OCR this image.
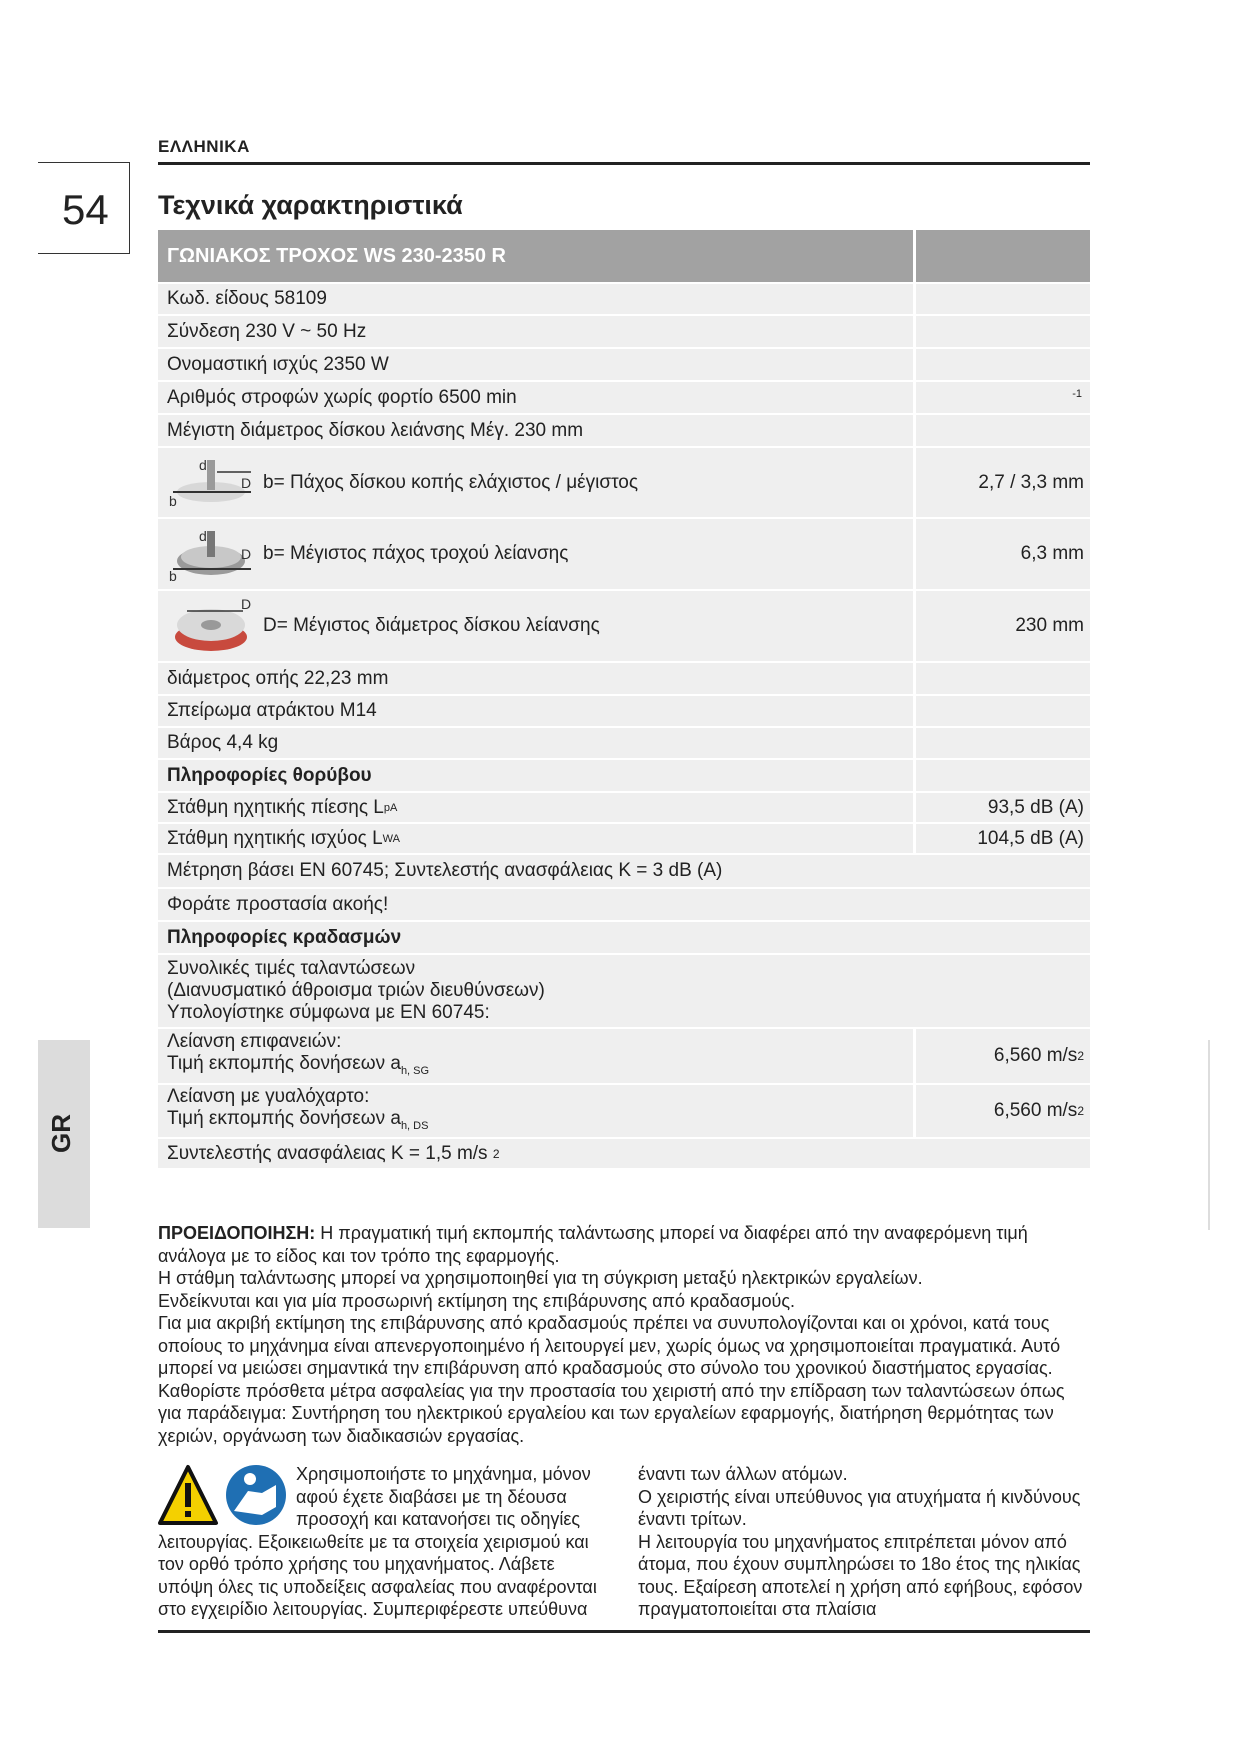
ΕΛΛΗΝΙΚΑ
54 Τεχνικά χαρακτηριστικά
ΓΩΝΙΑΚΟΣ ΤΡΟΧΟΣ WS 230-2350 R
Κωδ. είδους 58109
Σύνδεση 230 V ~ 50 Hz
Ονομαστική ισχύς 2350 W
Αριθμός στροφών χωρίς φορτίο 6500 min	-1
Μέγιστη διάμετρος δίσκου λειάνσης Μέγ. 230 mm
d
D
b
b= Πάχος δίσκου κοπής ελάχιστος / μέγιστος	2,7 / 3,3 mm
d
D
b
b= Μέγιστος πάχος τροχού λείανσης	6,3 mm
D
D= Μέγιστος διάμετρος δίσκου λείανσης	230 mm
διάμετρος οπής 22,23 mm
Σπείρωμα ατράκτου M14
Βάρος 4,4 kg
Πληροφορίες θορύβου
Στάθμη ηχητικής πίεσης L pA	93,5 dB (A)
Στάθμη ηχητικής ισχύος L WA	104,5 dB (A)
Μέτρηση βάσει EN 60745; Συντελεστής ανασφάλειας K = 3 dB (A)
Φοράτε προστασία ακοής!
Πληροφορίες κραδασμών
Συνολικές τιμές ταλαντώσεων
(Διανυσματικό άθροισμα τριών διευθύνσεων)
Υπολογίστηκε σύμφωνα με EN 60745:
Λείανση επιφανειών:
Τιμή εκπομπής δονήσεων $a_{h, SG}$
6,560 m/s 2
Λείανση με γυαλόχαρτο:
Τιμή εκπομπής δονήσεων $a_{h, DS}$
6,560 m/s 2
Συντελεστής ανασφάλειας K = 1,5 m/s
2
GR

ΠΡΟΕΙΔΟΠΟΙΗΣΗ: Η πραγματική τιμή εκπομπής ταλάντωσης μπορεί να διαφέρει από την αναφερόμενη τιμή ανάλογα με το είδος και τον τρόπο της εφαρμογής.

Η στάθμη ταλάντωσης μπορεί να χρησιμοποιηθεί για τη σύγκριση μεταξύ ηλεκτρικών εργαλείων.

Ενδείκνυται και για μία προσωρινή εκτίμηση της επιβάρυνσης από κραδασμούς.

Για μια ακριβή εκτίμηση της επιβάρυνσης από κραδασμούς πρέπει να συνυπολογίζονται και οι χρόνοι, κατά τους οποίους το μηχάνημα είναι απενεργοποιημένο ή λειτουργεί μεν, χωρίς όμως να χρησιμοποιείται πραγματικά. Αυτό μπορεί να μειώσει σημαντικά την επιβάρυνση από κραδασμούς στο σύνολο του χρονικού διαστήματος εργασίας.

Καθορίστε πρόσθετα μέτρα ασφαλείας για την προστασία του χειριστή από την επίδραση των ταλαντώσεων όπως για παράδειγμα: Συντήρηση του ηλεκτρικού εργαλείου και των εργαλείων εφαρμογής, διατήρηση θερμότητας των χεριών, οργάνωση των διαδικασιών εργασίας.

Χρησιμοποιήστε το μηχάνημα, μόνον αφού έχετε διαβάσει με τη δέουσα προσοχή και κατανοήσει τις οδηγίες λειτουργίας. Εξοικειωθείτε με τα στοιχεία χειρισμού και τον ορθό τρόπο χρήσης του μηχανήματος. Λάβετε υπόψη όλες τις υποδείξεις ασφαλείας που αναφέρονται στο εγχειρίδιο λειτουργίας. Συμπεριφέρεστε υπεύθυνα
έναντι των άλλων ατόμων.
Ο χειριστής είναι υπεύθυνος για ατυχήματα ή κινδύνους έναντι τρίτων.
Η λειτουργία του μηχανήματος επιτρέπεται μόνον από άτομα, που έχουν συμπληρώσει το 18ο έτος της ηλικίας τους. Εξαίρεση αποτελεί η χρήση από εφήβους, εφόσον πραγματοποιείται στα πλαίσια
